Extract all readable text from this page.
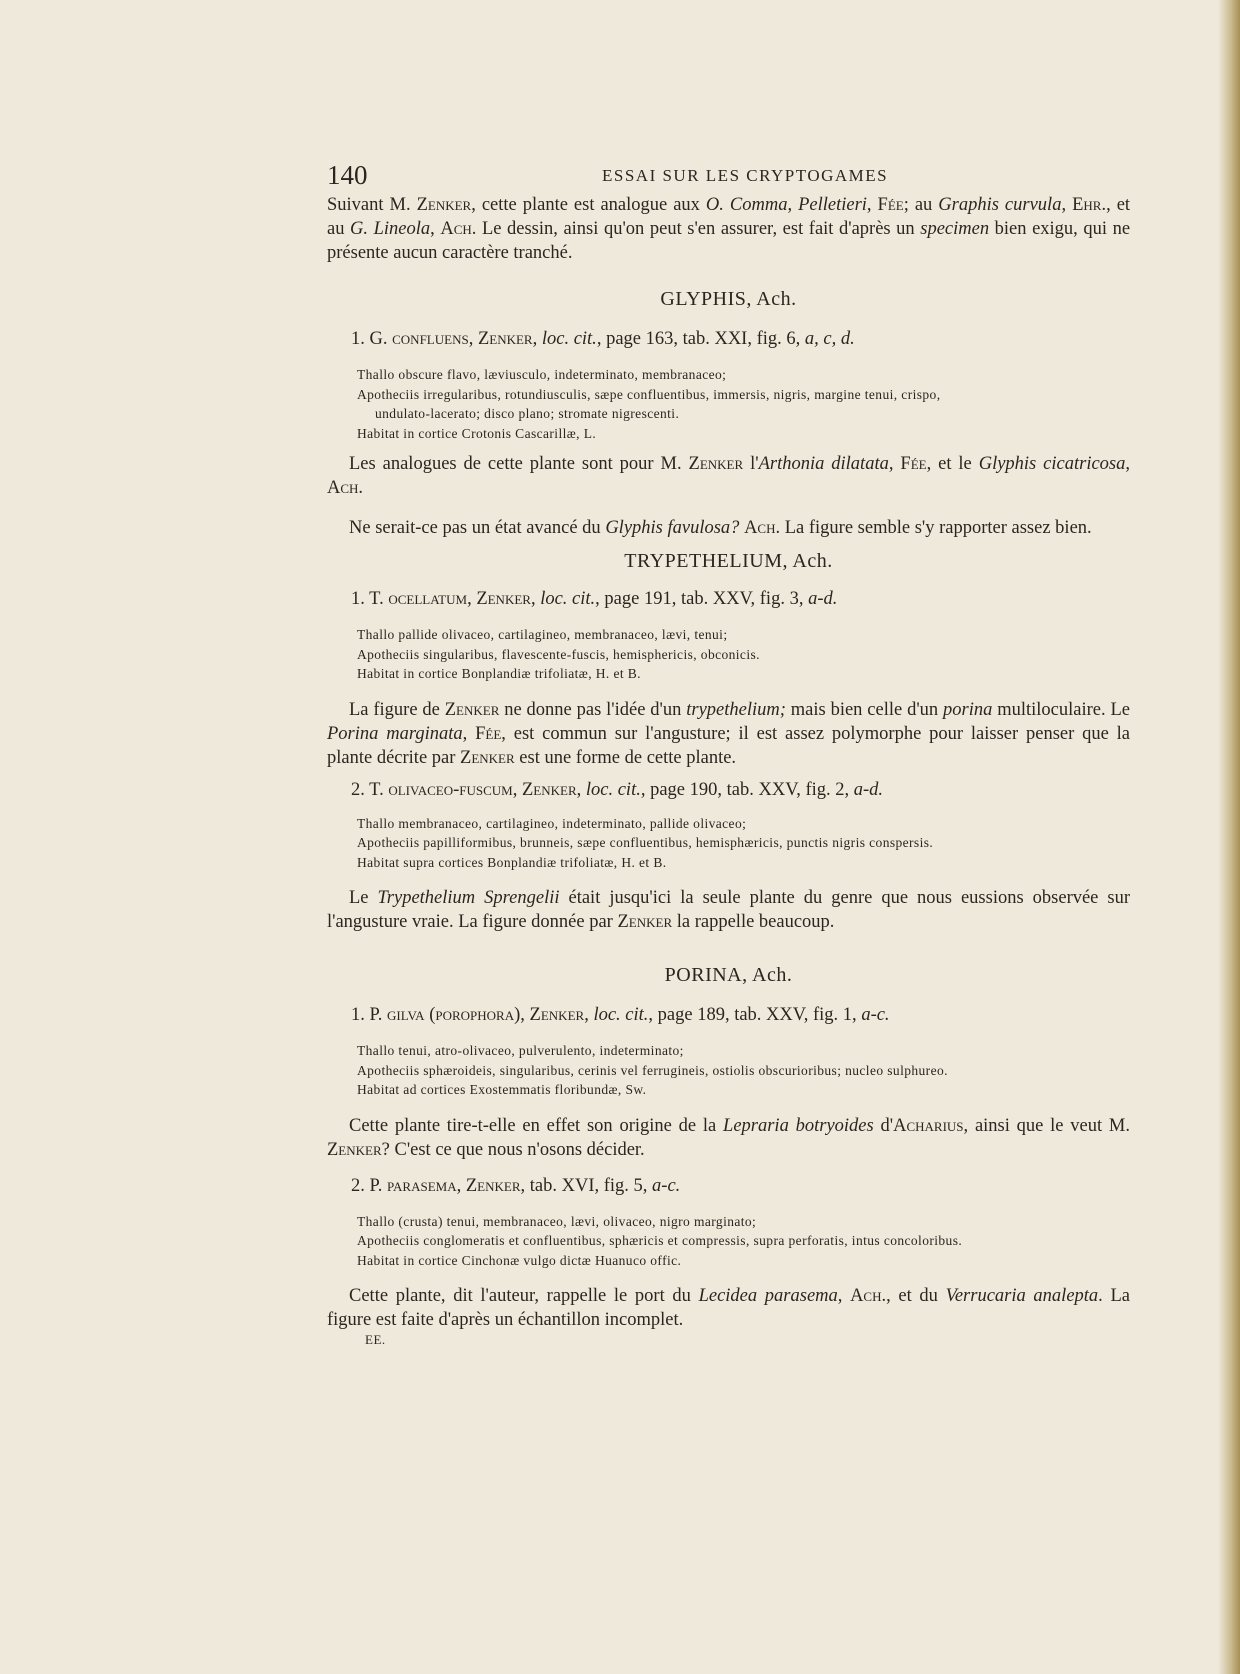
140	ESSAI SUR LES CRYPTOGAMES

Suivant M. Zenker, cette plante est analogue aux O. Comma, Pelletieri, Fée; au Graphis curvula, Ehr., et au G. Lineola, Ach. Le dessin, ainsi qu'on peut s'en assurer, est fait d'après un specimen bien exigu, qui ne présente aucun caractère tranché.

GLYPHIS, Ach.

1. G. confluens, Zenker, loc. cit., page 163, tab. XXI, fig. 6, a, c, d.

Thallo obscure flavo, læviusculo, indeterminato, membranaceo;
Apotheciis irregularibus, rotundiusculis, sæpe confluentibus, immersis, nigris, margine tenui, crispo,
undulato-lacerato; disco plano; stromate nigrescenti.
Habitat in cortice Crotonis Cascarillæ, L.

Les analogues de cette plante sont pour M. Zenker l'Arthonia dilatata, Fée, et le Glyphis cicatricosa, Ach.

Ne serait-ce pas un état avancé du Glyphis favulosa? Ach. La figure semble s'y rapporter assez bien.

TRYPETHELIUM, Ach.

1. T. ocellatum, Zenker, loc. cit., page 191, tab. XXV, fig. 3, a-d.

Thallo pallide olivaceo, cartilagineo, membranaceo, lævi, tenui;
Apotheciis singularibus, flavescente-fuscis, hemisphericis, obconicis.
Habitat in cortice Bonplandiæ trifoliatæ, H. et B.

La figure de Zenker ne donne pas l'idée d'un trypethelium; mais bien celle d'un porina multiloculaire. Le Porina marginata, Fée, est commun sur l'angusture; il est assez polymorphe pour laisser penser que la plante décrite par Zenker est une forme de cette plante.

2. T. olivaceo-fuscum, Zenker, loc. cit., page 190, tab. XXV, fig. 2, a-d.

Thallo membranaceo, cartilagineo, indeterminato, pallide olivaceo;
Apotheciis papilliformibus, brunneis, sæpe confluentibus, hemisphæricis, punctis nigris conspersis.
Habitat supra cortices Bonplandiæ trifoliatæ, H. et B.

Le Trypethelium Sprengelii était jusqu'ici la seule plante du genre que nous eussions observée sur l'angusture vraie. La figure donnée par Zenker la rappelle beaucoup.

PORINA, Ach.

1. P. gilva (porophora), Zenker, loc. cit., page 189, tab. XXV, fig. 1, a-c.

Thallo tenui, atro-olivaceo, pulverulento, indeterminato;
Apotheciis sphæroideis, singularibus, cerinis vel ferrugineis, ostiolis obscurioribus; nucleo sulphureo.
Habitat ad cortices Exostemmatis floribundæ, Sw.

Cette plante tire-t-elle en effet son origine de la Lepraria botryoides d'Acharius, ainsi que le veut M. Zenker? C'est ce que nous n'osons décider.

2. P. parasema, Zenker, tab. XVI, fig. 5, a-c.

Thallo (crusta) tenui, membranaceo, lævi, olivaceo, nigro marginato;
Apotheciis conglomeratis et confluentibus, sphæricis et compressis, supra perforatis, intus concoloribus.
Habitat in cortice Cinchonæ vulgo dictæ Huanuco offic.

Cette plante, dit l'auteur, rappelle le port du Lecidea parasema, Ach., et du Verrucaria analepta. La figure est faite d'après un échantillon incomplet.

EE.
